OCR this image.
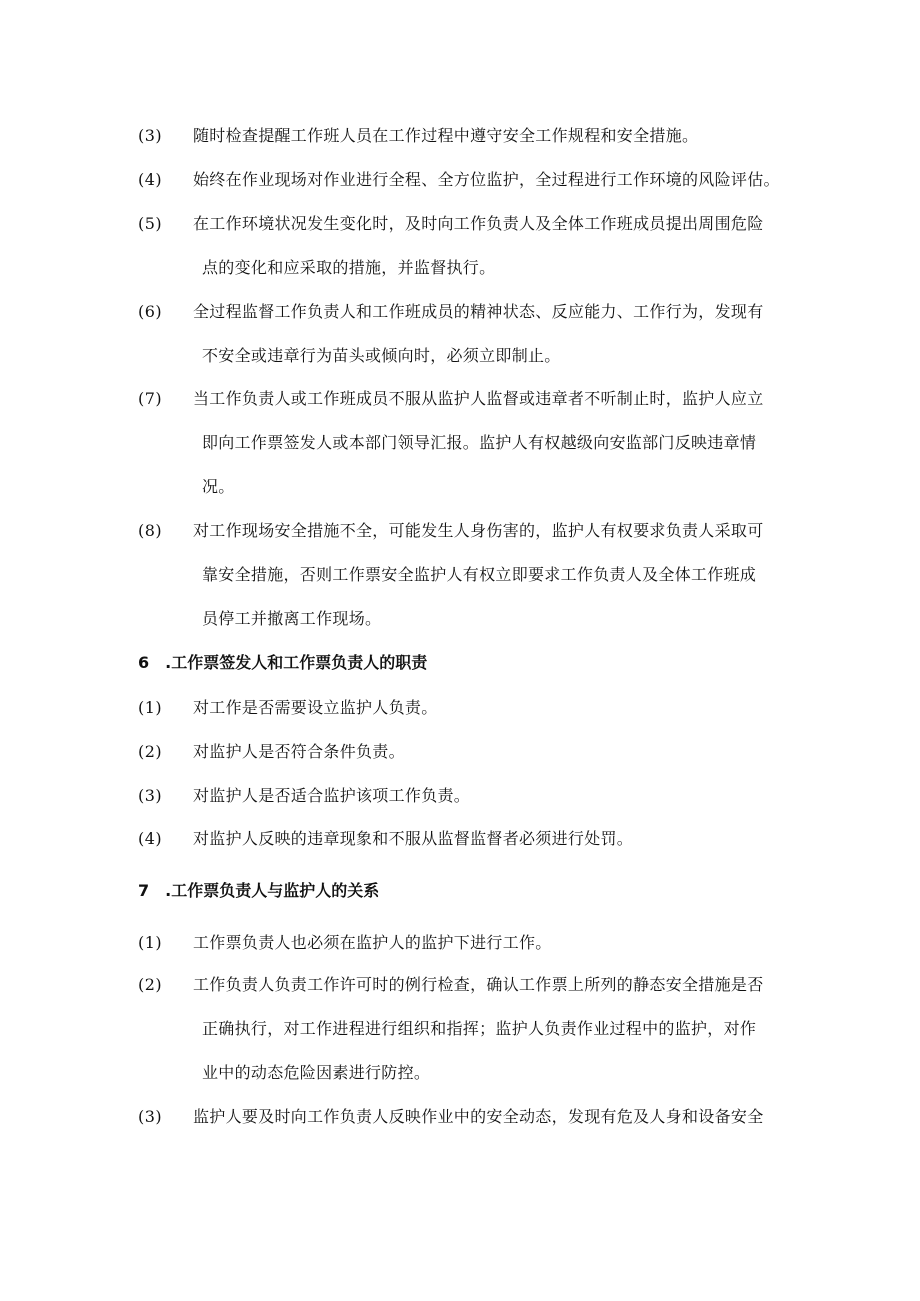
(3) 随时检查提醒工作班人员在工作过程中遵守安全工作规程和安全措施。
(4) 始终在作业现场对作业进行全程、全方位监护，全过程进行工作环境的风险评估。
(5) 在工作环境状况发生变化时，及时向工作负责人及全体工作班成员提出周围危险
点的变化和应采取的措施，并监督执行。
(6) 全过程监督工作负责人和工作班成员的精神状态、反应能力、工作行为，发现有
不安全或违章行为苗头或倾向时，必须立即制止。
(7) 当工作负责人或工作班成员不服从监护人监督或违章者不听制止时，监护人应立
即向工作票签发人或本部门领导汇报。监护人有权越级向安监部门反映违章情
况。
(8) 对工作现场安全措施不全，可能发生人身伤害的，监护人有权要求负责人采取可
靠安全措施，否则工作票安全监护人有权立即要求工作负责人及全体工作班成
员停工并撤离工作现场。
6　.工作票签发人和工作票负责人的职责
(1) 对工作是否需要设立监护人负责。
(2) 对监护人是否符合条件负责。
(3) 对监护人是否适合监护该项工作负责。
(4) 对监护人反映的违章现象和不服从监督监督者必须进行处罚。
7　.工作票负责人与监护人的关系
(1) 工作票负责人也必须在监护人的监护下进行工作。
(2) 工作负责人负责工作许可时的例行检查，确认工作票上所列的静态安全措施是否
正确执行，对工作进程进行组织和指挥；监护人负责作业过程中的监护，对作
业中的动态危险因素进行防控。
(3) 监护人要及时向工作负责人反映作业中的安全动态，发现有危及人身和设备安全
